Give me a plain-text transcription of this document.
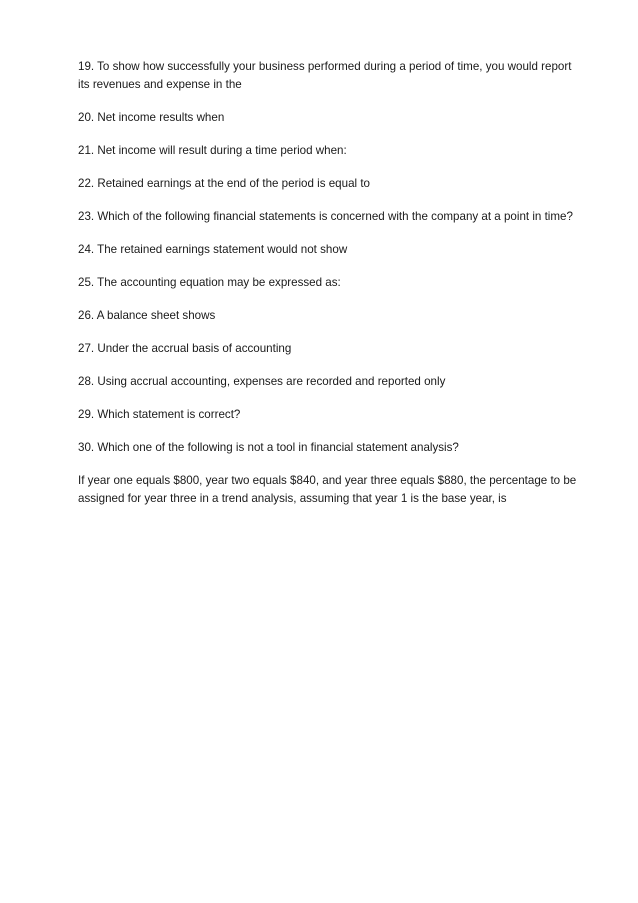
19. To show how successfully your business performed during a period of time, you would report its revenues and expense in the

20. Net income results when

21. Net income will result during a time period when:

22. Retained earnings at the end of the period is equal to

23. Which of the following financial statements is concerned with the company at a point in time?

24. The retained earnings statement would not show

25. The accounting equation may be expressed as:

26. A balance sheet shows

27. Under the accrual basis of accounting

28. Using accrual accounting, expenses are recorded and reported only

29. Which statement is correct?

30. Which one of the following is not a tool in financial statement analysis?

If year one equals $800, year two equals $840, and year three equals $880, the percentage to be assigned for year three in a trend analysis, assuming that year 1 is the base year, is
